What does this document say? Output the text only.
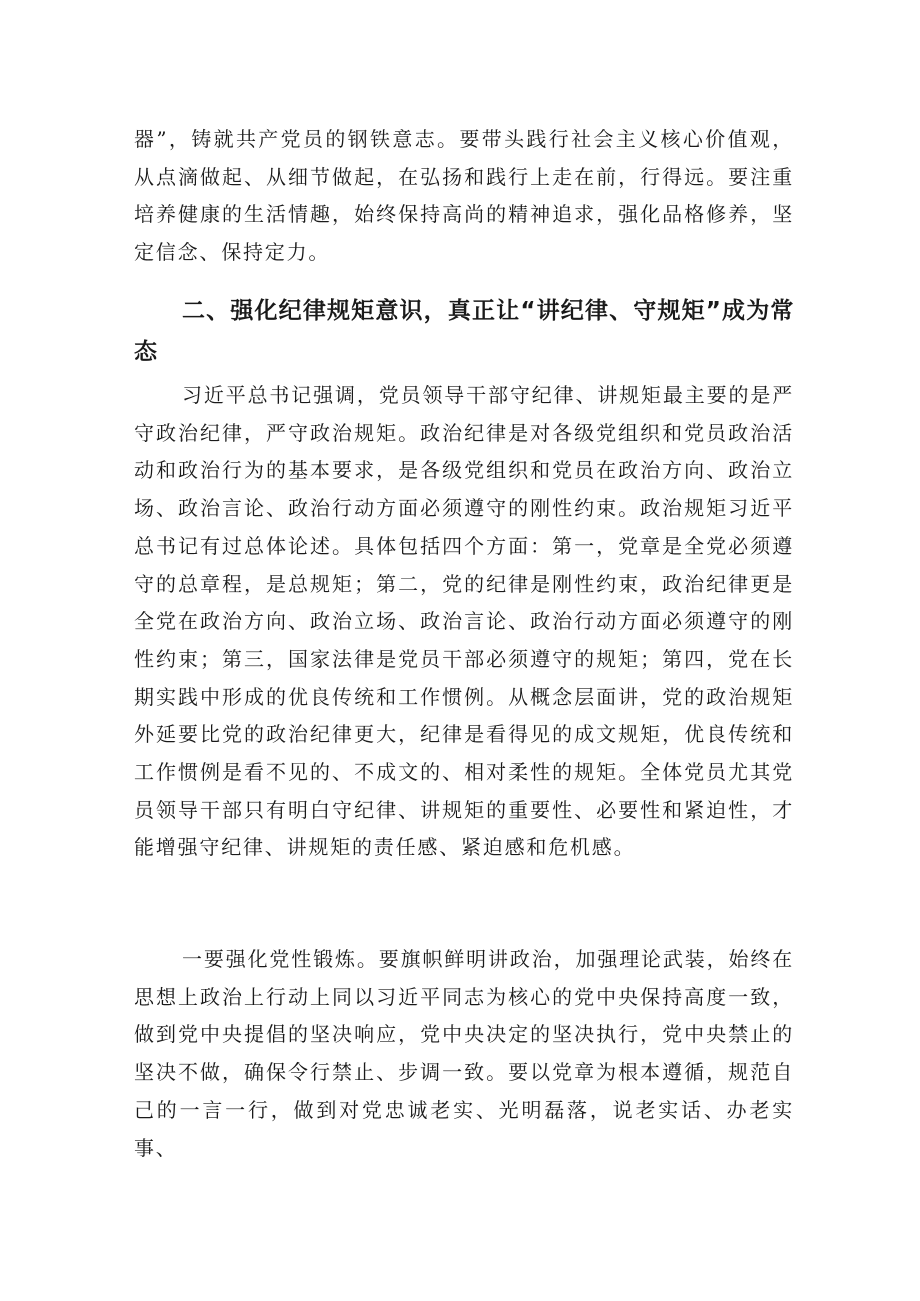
器”，铸就共产党员的钢铁意志。要带头践行社会主义核心价值观，从点滴做起、从细节做起，在弘扬和践行上走在前，行得远。要注重培养健康的生活情趣，始终保持高尚的精神追求，强化品格修养，坚定信念、保持定力。

二、强化纪律规矩意识，真正让“讲纪律、守规矩”成为常态

习近平总书记强调，党员领导干部守纪律、讲规矩最主要的是严守政治纪律，严守政治规矩。政治纪律是对各级党组织和党员政治活动和政治行为的基本要求，是各级党组织和党员在政治方向、政治立场、政治言论、政治行动方面必须遵守的刚性约束。政治规矩习近平总书记有过总体论述。具体包括四个方面：第一，党章是全党必须遵守的总章程，是总规矩；第二，党的纪律是刚性约束，政治纪律更是全党在政治方向、政治立场、政治言论、政治行动方面必须遵守的刚性约束；第三，国家法律是党员干部必须遵守的规矩；第四，党在长期实践中形成的优良传统和工作惯例。从概念层面讲，党的政治规矩外延要比党的政治纪律更大，纪律是看得见的成文规矩，优良传统和工作惯例是看不见的、不成文的、相对柔性的规矩。全体党员尤其党员领导干部只有明白守纪律、讲规矩的重要性、必要性和紧迫性，才能增强守纪律、讲规矩的责任感、紧迫感和危机感。

一要强化党性锻炼。要旗帜鲜明讲政治，加强理论武装，始终在思想上政治上行动上同以习近平同志为核心的党中央保持高度一致，做到党中央提倡的坚决响应，党中央决定的坚决执行，党中央禁止的坚决不做，确保令行禁止、步调一致。要以党章为根本遵循，规范自己的一言一行，做到对党忠诚老实、光明磊落，说老实话、办老实事、
